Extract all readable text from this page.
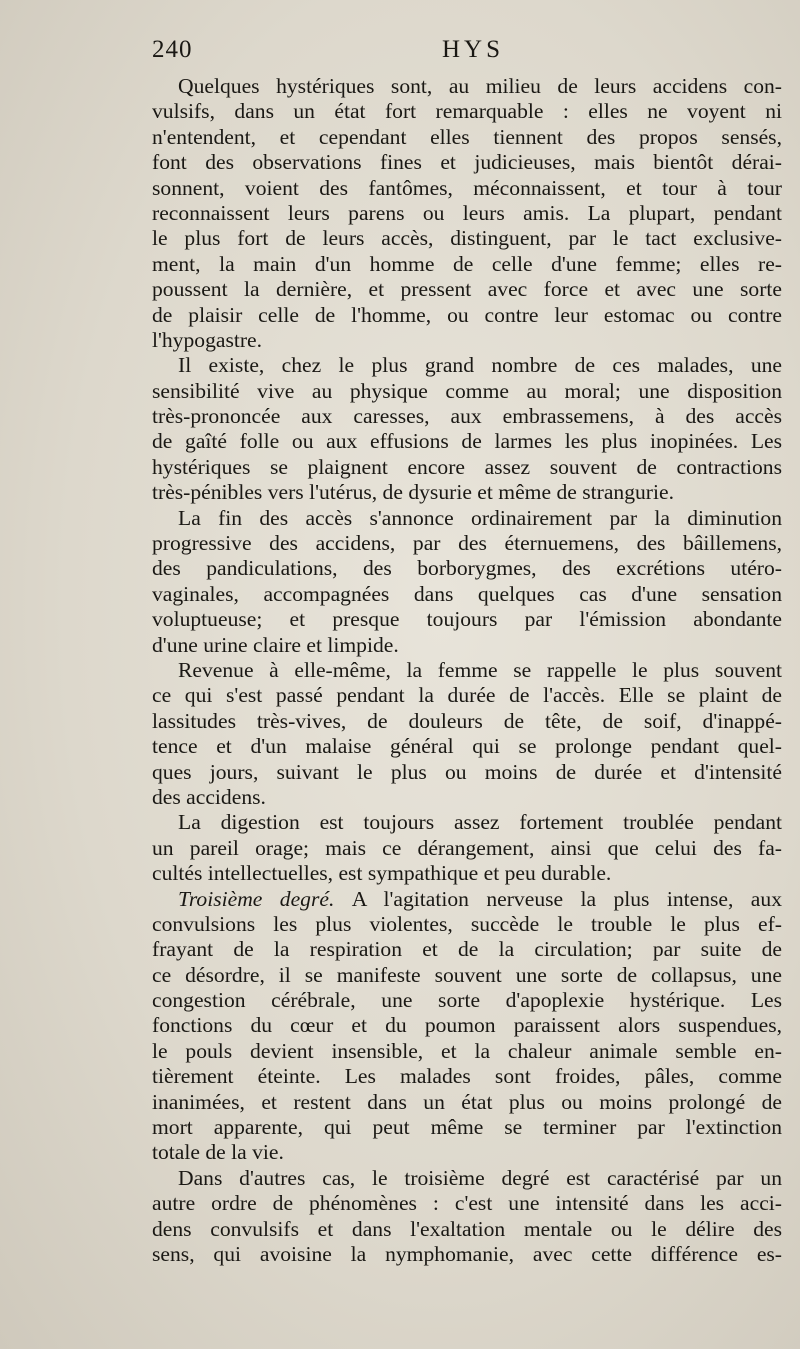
240	HYS
Quelques hystériques sont, au milieu de leurs accidens con-
vulsifs, dans un état fort remarquable : elles ne voyent ni
n'entendent, et cependant elles tiennent des propos sensés,
font des observations fines et judicieuses, mais bientôt dérai-
sonnent, voient des fantômes, méconnaissent, et tour à tour
reconnaissent leurs parens ou leurs amis. La plupart, pendant
le plus fort de leurs accès, distinguent, par le tact exclusive-
ment, la main d'un homme de celle d'une femme; elles re-
poussent la dernière, et pressent avec force et avec une sorte
de plaisir celle de l'homme, ou contre leur estomac ou contre
l'hypogastre.
Il existe, chez le plus grand nombre de ces malades, une
sensibilité vive au physique comme au moral; une disposition
très-prononcée aux caresses, aux embrassemens, à des accès
de gaîté folle ou aux effusions de larmes les plus inopinées. Les
hystériques se plaignent encore assez souvent de contractions
très-pénibles vers l'utérus, de dysurie et même de strangurie.
La fin des accès s'annonce ordinairement par la diminution
progressive des accidens, par des éternuemens, des bâillemens,
des pandiculations, des borborygmes, des excrétions utéro-
vaginales, accompagnées dans quelques cas d'une sensation
voluptueuse; et presque toujours par l'émission abondante
d'une urine claire et limpide.
Revenue à elle-même, la femme se rappelle le plus souvent
ce qui s'est passé pendant la durée de l'accès. Elle se plaint de
lassitudes très-vives, de douleurs de tête, de soif, d'inappé-
tence et d'un malaise général qui se prolonge pendant quel-
ques jours, suivant le plus ou moins de durée et d'intensité
des accidens.
La digestion est toujours assez fortement troublée pendant
un pareil orage; mais ce dérangement, ainsi que celui des fa-
cultés intellectuelles, est sympathique et peu durable.
Troisième degré. A l'agitation nerveuse la plus intense, aux
convulsions les plus violentes, succède le trouble le plus ef-
frayant de la respiration et de la circulation; par suite de
ce désordre, il se manifeste souvent une sorte de collapsus, une
congestion cérébrale, une sorte d'apoplexie hystérique. Les
fonctions du cœur et du poumon paraissent alors suspendues,
le pouls devient insensible, et la chaleur animale semble en-
tièrement éteinte. Les malades sont froides, pâles, comme
inanimées, et restent dans un état plus ou moins prolongé de
mort apparente, qui peut même se terminer par l'extinction
totale de la vie.
Dans d'autres cas, le troisième degré est caractérisé par un
autre ordre de phénomènes : c'est une intensité dans les acci-
dens convulsifs et dans l'exaltation mentale ou le délire des
sens, qui avoisine la nymphomanie, avec cette différence es-
